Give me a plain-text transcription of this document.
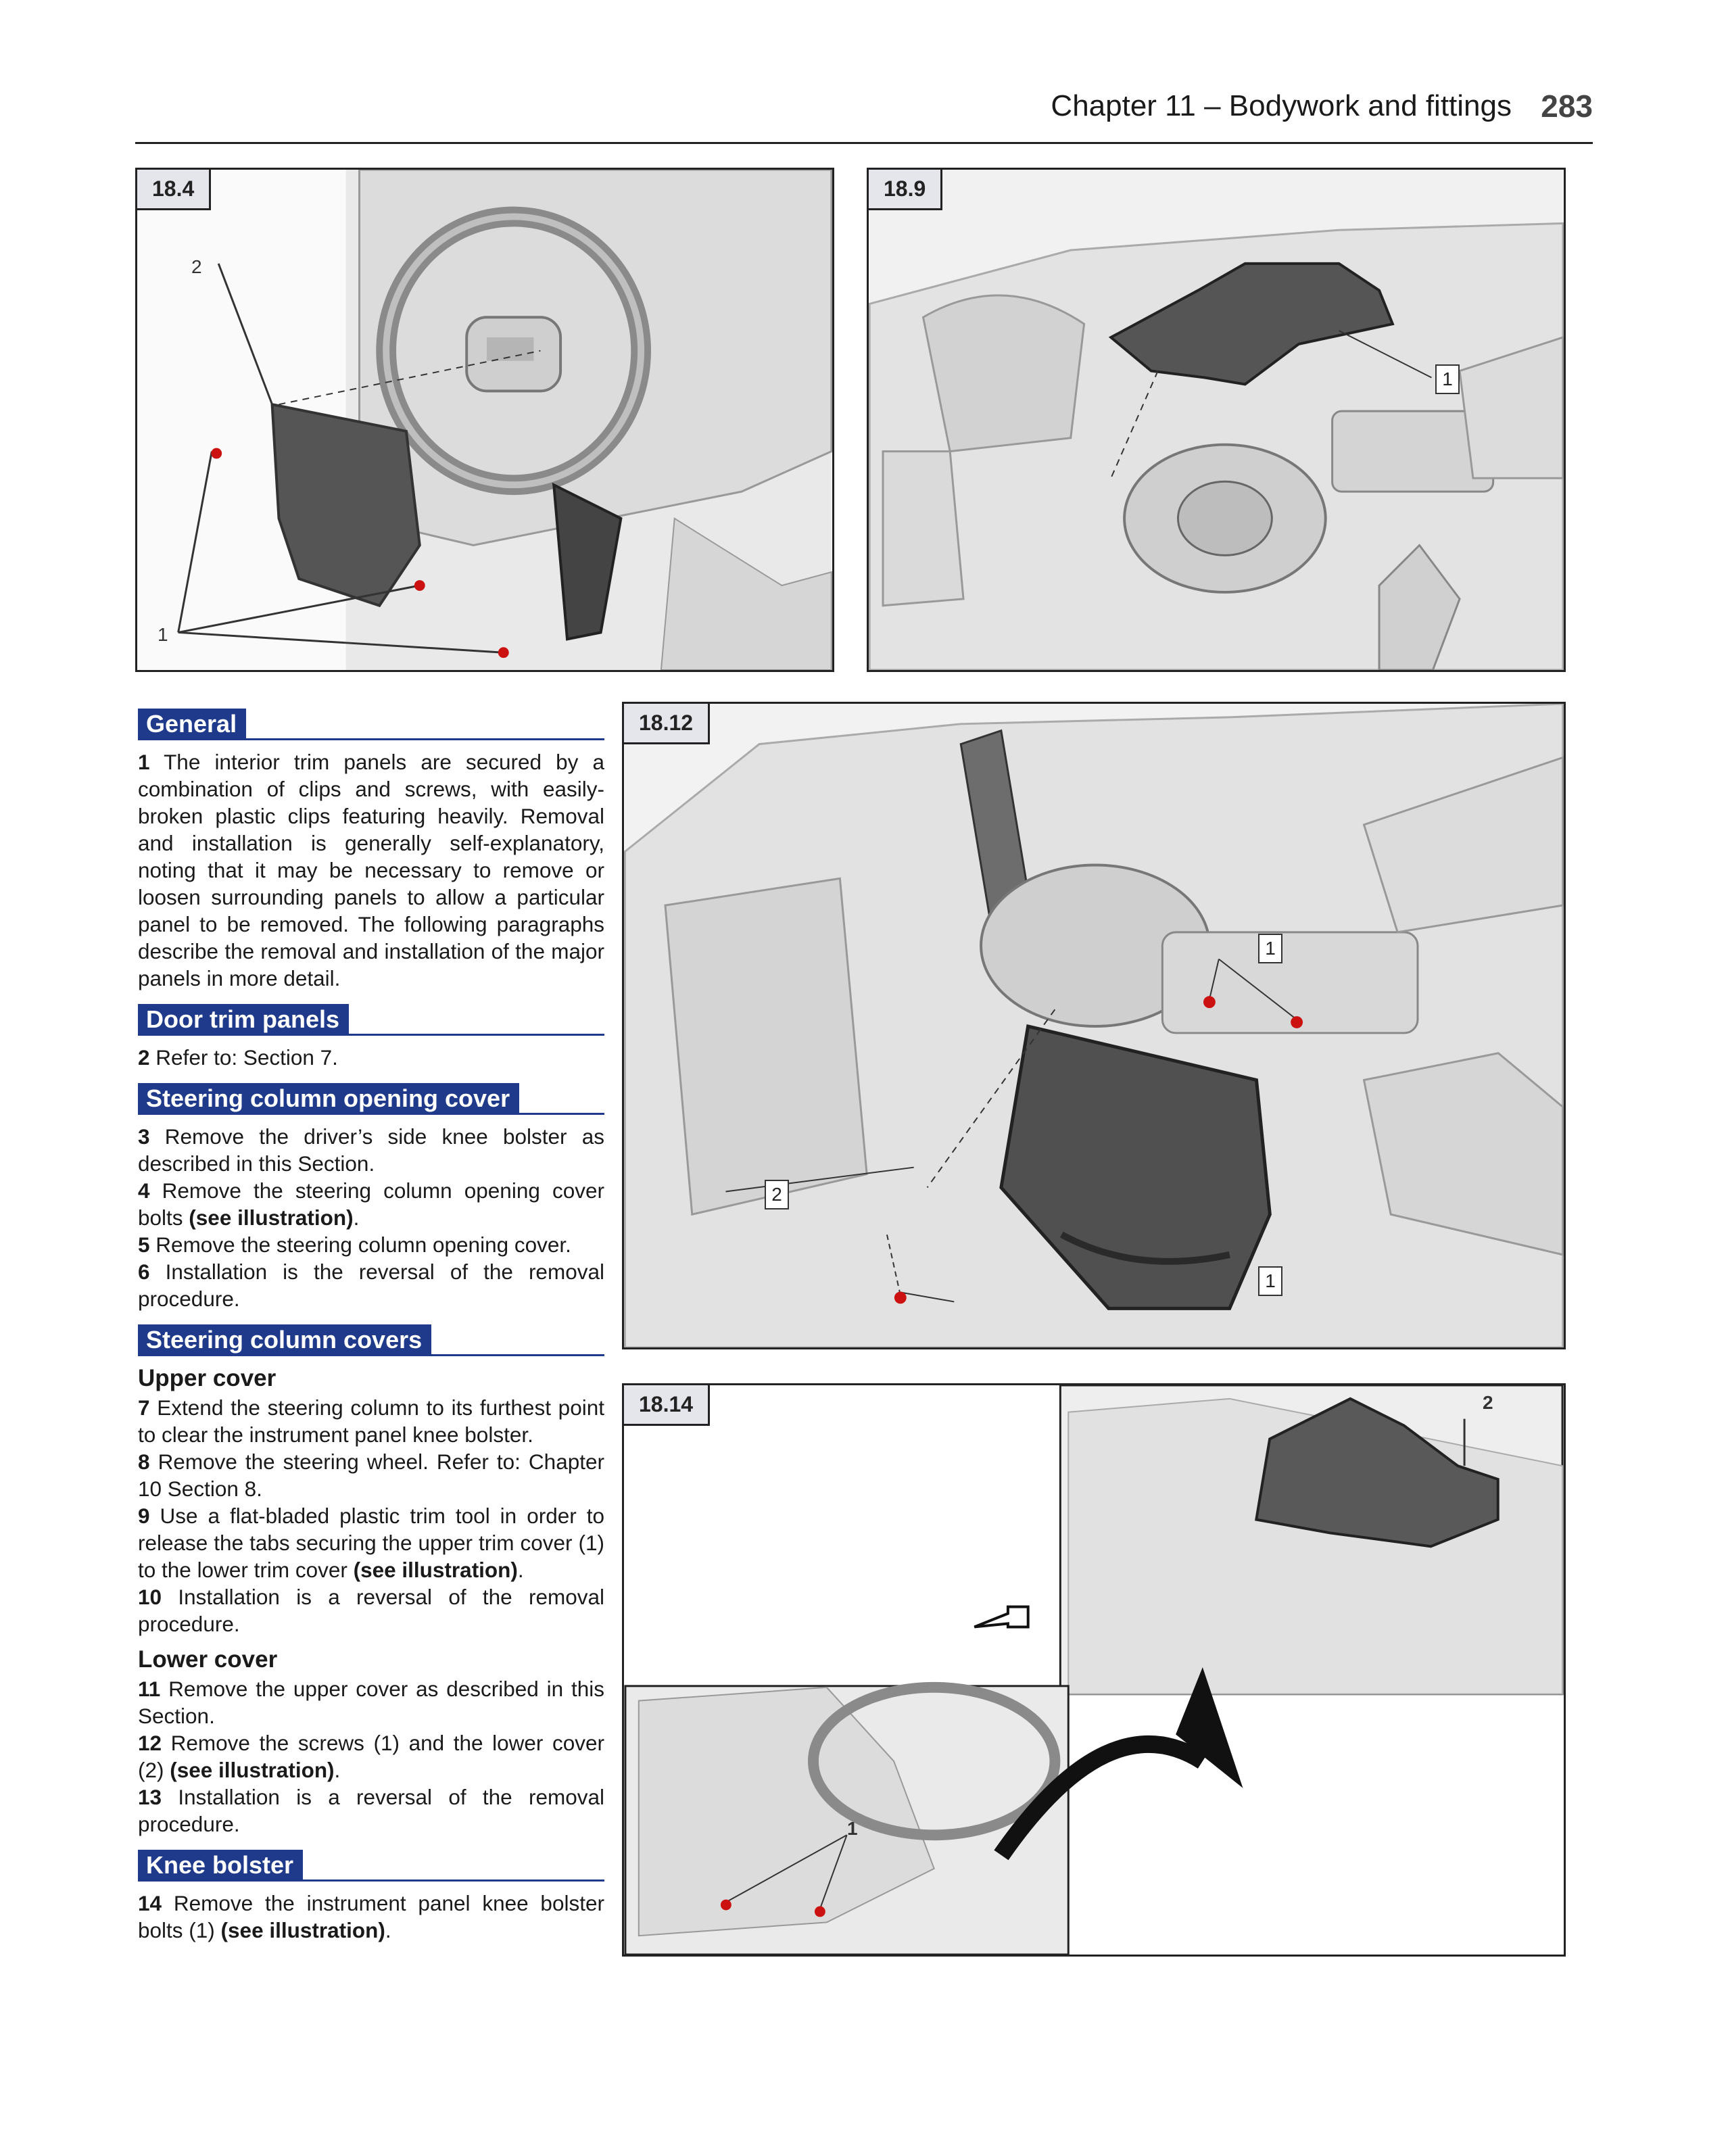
Chapter 11 – Bodywork and fittings 283
18.4
2
1
18.9
1
18.12
1
2
1
18.14	2
1
General

1 The interior trim panels are secured by a combination of clips and screws, with easily-broken plastic clips featuring heavily. Removal and installation is generally self-explanatory, noting that it may be necessary to remove or loosen surrounding panels to allow a particular panel to be removed. The following paragraphs describe the removal and installation of the major panels in more detail.

Door trim panels

2 Refer to: Section 7.

Steering column opening cover

3 Remove the driver’s side knee bolster as described in this Section.

4 Remove the steering column opening cover bolts (see illustration).

5 Remove the steering column opening cover.

6 Installation is the reversal of the removal procedure.

Steering column covers
Upper cover

7 Extend the steering column to its furthest point to clear the instrument panel knee bolster.

8 Remove the steering wheel. Refer to: Chapter 10 Section 8.

9 Use a flat-bladed plastic trim tool in order to release the tabs securing the upper trim cover (1) to the lower trim cover (see illustration).

10 Installation is a reversal of the removal procedure.

Lower cover

11 Remove the upper cover as described in this Section.

12 Remove the screws (1) and the lower cover (2) (see illustration).

13 Installation is a reversal of the removal procedure.

Knee bolster

14 Remove the instrument panel knee bolster bolts (1) (see illustration).
